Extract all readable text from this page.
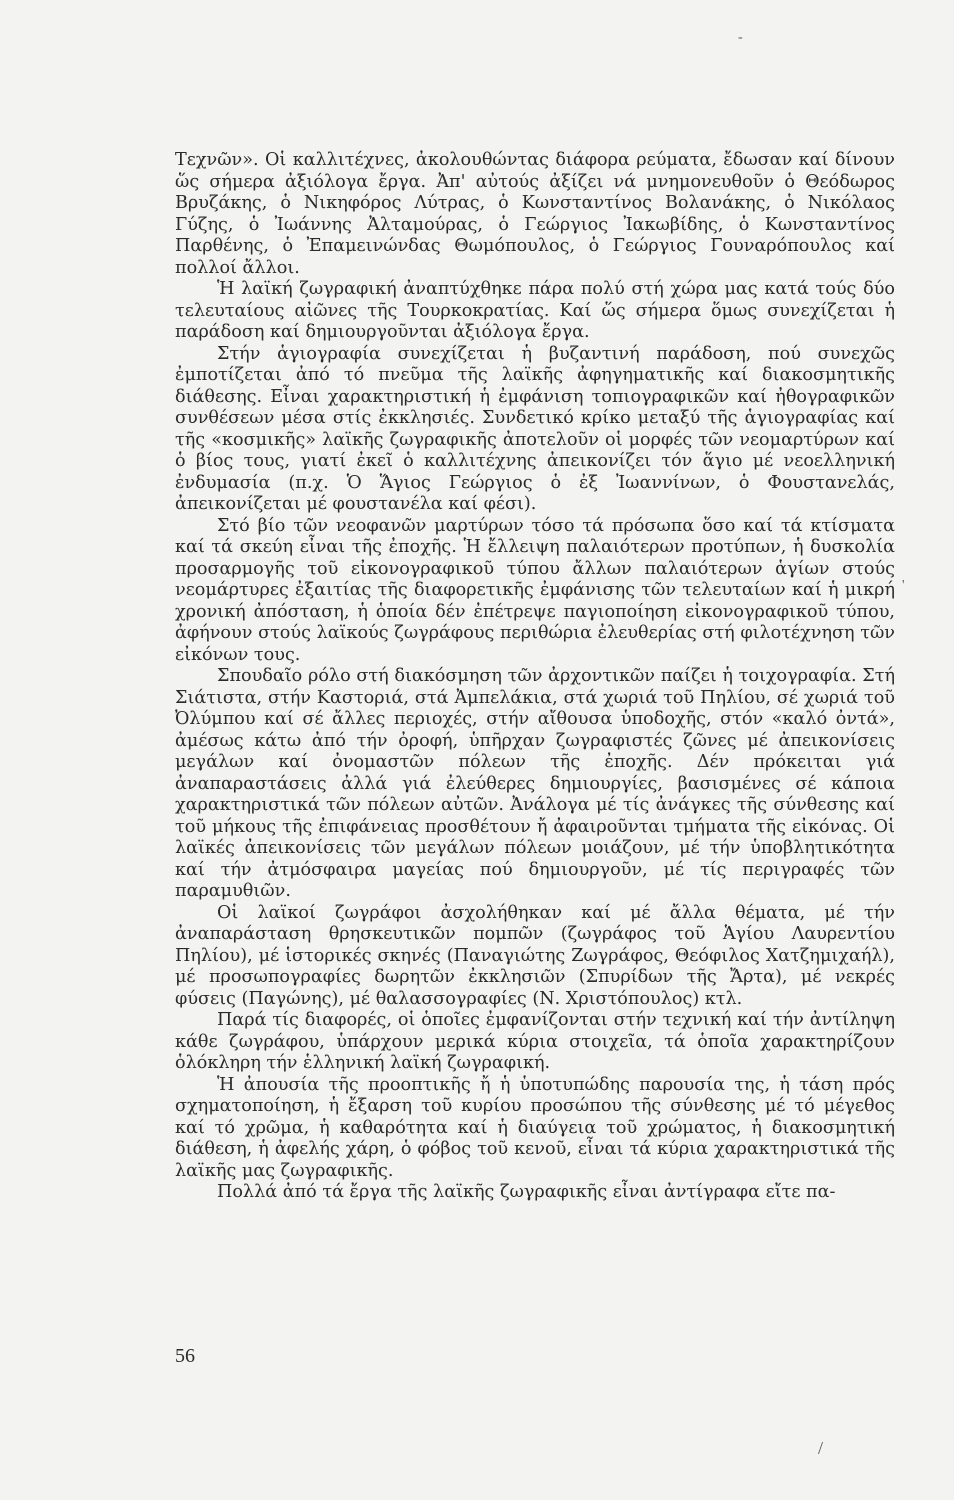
Τεχνῶν». Οἱ καλλιτέχνες, ἀκολουθώντας διάφορα ρεύματα, ἔδωσαν καί δίνουν ὥς σήμερα ἀξιόλογα ἔργα. Ἀπ' αὐτούς ἀξίζει νά μνημονευθοῦν ὁ Θεόδωρος Βρυζάκης, ὁ Νικηφόρος Λύτρας, ὁ Κωνσταντίνος Βολανάκης, ὁ Νικόλαος Γύζης, ὁ Ἰωάννης Ἀλταμούρας, ὁ Γεώργιος Ἰακωβίδης, ὁ Κωνσταντίνος Παρθένης, ὁ Ἐπαμεινώνδας Θωμόπουλος, ὁ Γεώργιος Γουναρόπουλος καί πολλοί ἄλλοι.

Ἡ λαϊκή ζωγραφική ἀναπτύχθηκε πάρα πολύ στή χώρα μας κατά τούς δύο τελευταίους αἰῶνες τῆς Τουρκοκρατίας. Καί ὥς σήμερα ὅμως συνεχίζεται ἡ παράδοση καί δημιουργοῦνται ἀξιόλογα ἔργα.

Στήν ἁγιογραφία συνεχίζεται ἡ βυζαντινή παράδοση, πού συνεχῶς ἐμποτίζεται ἀπό τό πνεῦμα τῆς λαϊκῆς ἀφηγηματικῆς καί διακοσμητικῆς διάθεσης. Εἶναι χαρακτηριστική ἡ ἐμφάνιση τοπιογραφικῶν καί ἠθογραφικῶν συνθέσεων μέσα στίς ἐκκλησιές. Συνδετικό κρίκο μεταξύ τῆς ἁγιογραφίας καί τῆς «κοσμικῆς» λαϊκῆς ζωγραφικῆς ἀποτελοῦν οἱ μορφές τῶν νεομαρτύρων καί ὁ βίος τους, γιατί ἐκεῖ ὁ καλλιτέχνης ἀπεικονίζει τόν ἅγιο μέ νεοελληνική ἐνδυμασία (π.χ. Ὁ Ἅγιος Γεώργιος ὁ ἐξ Ἰωαννίνων, ὁ Φουστανελάς, ἀπεικονίζεται μέ φουστανέλα καί φέσι).

Στό βίο τῶν νεοφανῶν μαρτύρων τόσο τά πρόσωπα ὅσο καί τά κτίσματα καί τά σκεύη εἶναι τῆς ἐποχῆς. Ἡ ἔλλειψη παλαιότερων προτύπων, ἡ δυσκολία προσαρμογῆς τοῦ εἰκονογραφικοῦ τύπου ἄλλων παλαιότερων ἁγίων στούς νεομάρτυρες ἐξαιτίας τῆς διαφορετικῆς ἐμφάνισης τῶν τελευταίων καί ἡ μικρή χρονική ἀπόσταση, ἡ ὁποία δέν ἐπέτρεψε παγιοποίηση εἰκονογραφικοῦ τύπου, ἀφήνουν στούς λαϊκούς ζωγράφους περιθώρια ἐλευθερίας στή φιλοτέχνηση τῶν εἰκόνων τους.

Σπουδαῖο ρόλο στή διακόσμηση τῶν ἀρχοντικῶν παίζει ἡ τοιχογραφία. Στή Σιάτιστα, στήν Καστοριά, στά Ἀμπελάκια, στά χωριά τοῦ Πηλίου, σέ χωριά τοῦ Ὀλύμπου καί σέ ἄλλες περιοχές, στήν αἴθουσα ὑποδοχῆς, στόν «καλό ὀντά», ἀμέσως κάτω ἀπό τήν ὀροφή, ὑπῆρχαν ζωγραφιστές ζῶνες μέ ἀπεικονίσεις μεγάλων καί ὀνομαστῶν πόλεων τῆς ἐποχῆς. Δέν πρόκειται γιά ἀναπαραστάσεις ἀλλά γιά ἐλεύθερες δημιουργίες, βασισμένες σέ κάποια χαρακτηριστικά τῶν πόλεων αὐτῶν. Ἀνάλογα μέ τίς ἀνάγκες τῆς σύνθεσης καί τοῦ μήκους τῆς ἐπιφάνειας προσθέτουν ἤ ἀφαιροῦνται τμήματα τῆς εἰκόνας. Οἱ λαϊκές ἀπεικονίσεις τῶν μεγάλων πόλεων μοιάζουν, μέ τήν ὑποβλητικότητα καί τήν ἀτμόσφαιρα μαγείας πού δημιουργοῦν, μέ τίς περιγραφές τῶν παραμυθιῶν.

Οἱ λαϊκοί ζωγράφοι ἀσχολήθηκαν καί μέ ἄλλα θέματα, μέ τήν ἀναπαράσταση θρησκευτικῶν πομπῶν (ζωγράφος τοῦ Ἁγίου Λαυρεντίου Πηλίου), μέ ἱστορικές σκηνές (Παναγιώτης Ζωγράφος, Θεόφιλος Χατζημιχαήλ), μέ προσωπογραφίες δωρητῶν ἐκκλησιῶν (Σπυρίδων τῆς Ἄρτα), μέ νεκρές φύσεις (Παγώνης), μέ θαλασσογραφίες (Ν. Χριστόπουλος) κτλ.

Παρά τίς διαφορές, οἱ ὁποῖες ἐμφανίζονται στήν τεχνική καί τήν ἀντίληψη κάθε ζωγράφου, ὑπάρχουν μερικά κύρια στοιχεῖα, τά ὁποῖα χαρακτηρίζουν ὁλόκληρη τήν ἑλληνική λαϊκή ζωγραφική.

Ἡ ἀπουσία τῆς προοπτικῆς ἤ ἡ ὑποτυπώδης παρουσία της, ἡ τάση πρός σχηματοποίηση, ἡ ἔξαρση τοῦ κυρίου προσώπου τῆς σύνθεσης μέ τό μέγεθος καί τό χρῶμα, ἡ καθαρότητα καί ἡ διαύγεια τοῦ χρώματος, ἡ διακοσμητική διάθεση, ἡ ἀφελής χάρη, ὁ φόβος τοῦ κενοῦ, εἶναι τά κύρια χαρακτηριστικά τῆς λαϊκῆς μας ζωγραφικῆς.

Πολλά ἀπό τά ἔργα τῆς λαϊκῆς ζωγραφικῆς εἶναι ἀντίγραφα εἴτε πα-

56
-
'
/
